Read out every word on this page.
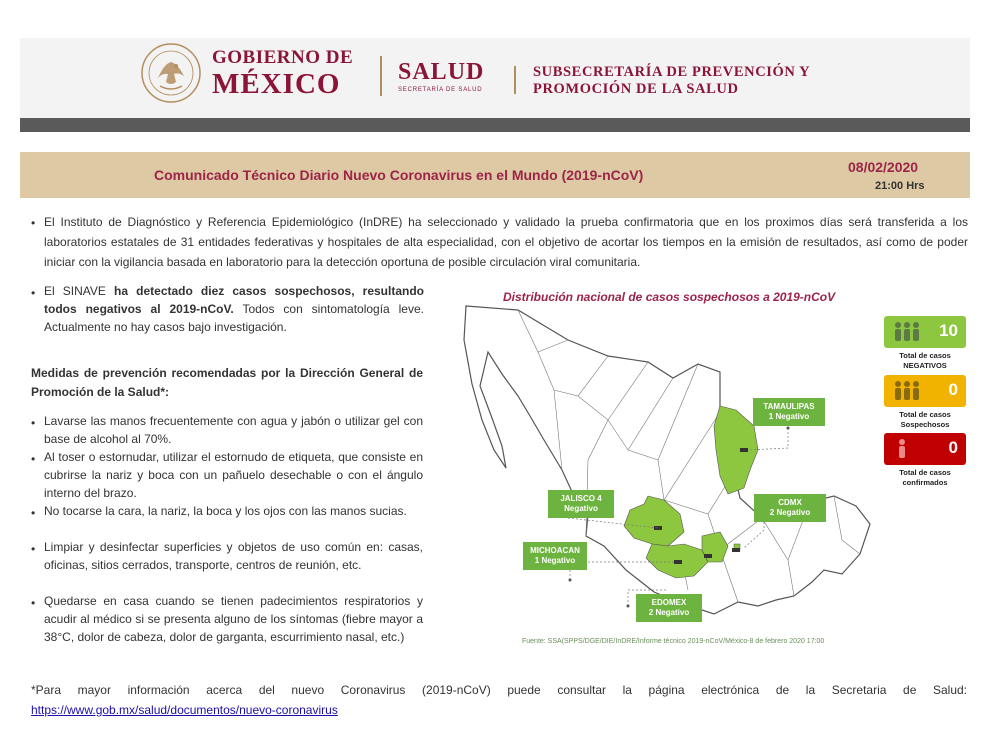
GOBIERNO DE
MÉXICO	SALUD
SECRETARÍA DE SALUD
SUBSECRETARÍA DE PREVENCIÓN Y
PROMOCIÓN DE LA SALUD
Comunicado Técnico Diario Nuevo Coronavirus en el Mundo (2019-nCoV)	08/02/2020
21:00 Hrs
• El Instituto de Diagnóstico y Referencia Epidemiológico (InDRE) ha seleccionado y validado la prueba confirmatoria que en los proximos días será transferida a los laboratorios estatales de 31 entidades federativas y hospitales de alta especialidad, con el objetivo de acortar los tiempos en la emisión de resultados, así como de poder iniciar con la vigilancia basada en laboratorio para la detección oportuna de posible circulación viral comunitaria.
• El SINAVE ha detectado diez casos sospechosos, resultando todos negativos al 2019-nCoV. Todos con sintomatología leve. Actualmente no hay casos bajo investigación.
Medidas de prevención recomendadas por la Dirección General de Promoción de la Salud*:
• Lavarse las manos frecuentemente con agua y jabón o utilizar gel con base de alcohol al 70%.
• Al toser o estornudar, utilizar el estornudo de etiqueta, que consiste en cubrirse la nariz y boca con un pañuelo desechable o con el ángulo interno del brazo.
• No tocarse la cara, la nariz, la boca y los ojos con las manos sucias.
• Limpiar y desinfectar superficies y objetos de uso común en: casas, oficinas, sitios cerrados, transporte, centros de reunión, etc.
• Quedarse en casa cuando se tienen padecimientos respiratorios y acudir al médico si se presenta alguno de los síntomas (fiebre mayor a 38°C, dolor de cabeza, dolor de garganta, escurrimiento nasal, etc.)
Distribución nacional de casos sospechosos a 2019-nCoV
TAMAULIPAS
1 Negativo
JALISCO 4
Negativo
CDMX
2 Negativo
MICHOACAN
1 Negativo
EDOMEX
2 Negativo
10
Total de casos
NEGATIVOS
0
Total de casos
Sospechosos
0
Total de casos
confirmados
Fuente: SSA(SPPS/DGE/DIE/InDRE/Informe técnico 2019-nCoV/México-8 de febrero 2020 17:00
*Para mayor información acerca del nuevo Coronavirus (2019-nCoV) puede consultar la página electrónica de la Secretaria de Salud: https://www.gob.mx/salud/documentos/nuevo-coronavirus
